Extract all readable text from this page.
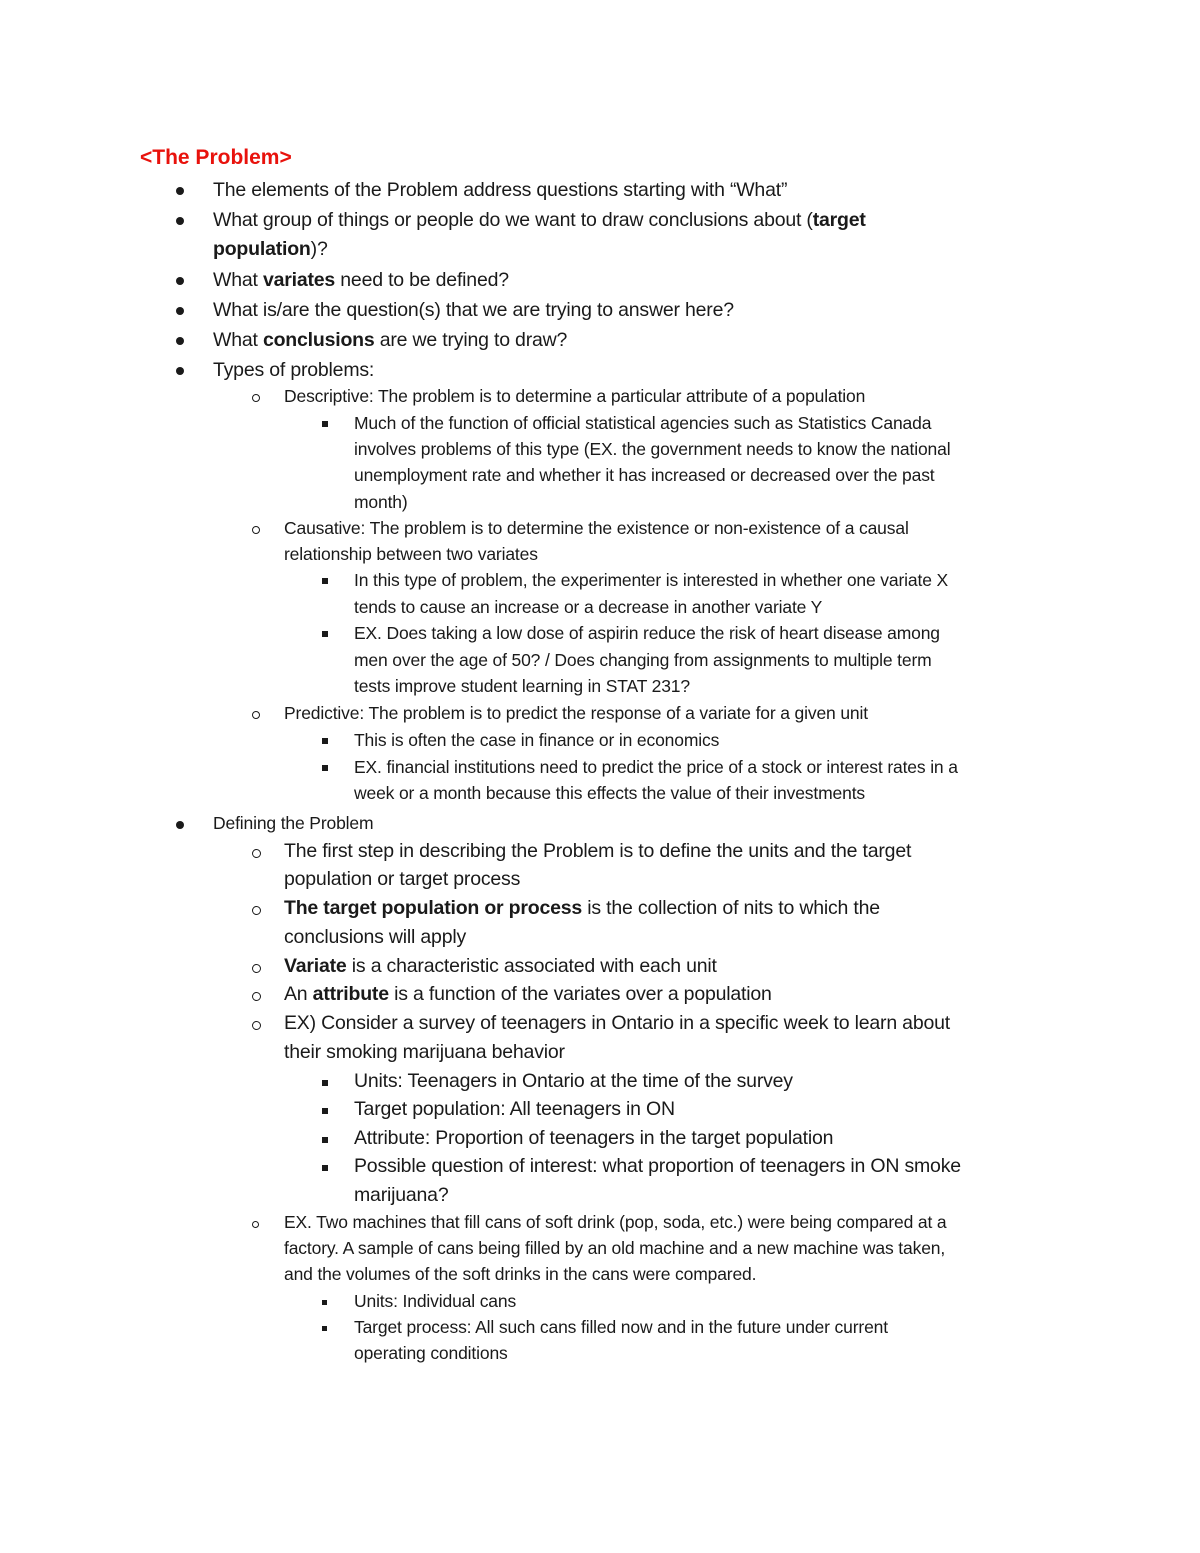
<The Problem>
The elements of the Problem address questions starting with “What”
What group of things or people do we want to draw conclusions about (target
population)?
What variates need to be defined?
What is/are the question(s) that we are trying to answer here?
What conclusions are we trying to draw?
Types of problems:
Descriptive: The problem is to determine a particular attribute of a population
Much of the function of official statistical agencies such as Statistics Canada
involves problems of this type (EX. the government needs to know the national
unemployment rate and whether it has increased or decreased over the past
month)
Causative: The problem is to determine the existence or non-existence of a causal
relationship between two variates
In this type of problem, the experimenter is interested in whether one variate X
tends to cause an increase or a decrease in another variate Y
EX. Does taking a low dose of aspirin reduce the risk of heart disease among
men over the age of 50? / Does changing from assignments to multiple term
tests improve student learning in STAT 231?
Predictive: The problem is to predict the response of a variate for a given unit
This is often the case in finance or in economics
EX. financial institutions need to predict the price of a stock or interest rates in a
week or a month because this effects the value of their investments
Defining the Problem
The first step in describing the Problem is to define the units and the target
population or target process
The target population or process is the collection of nits to which the
conclusions will apply
Variate is a characteristic associated with each unit
An attribute is a function of the variates over a population
EX) Consider a survey of teenagers in Ontario in a specific week to learn about
their smoking marijuana behavior
Units: Teenagers in Ontario at the time of the survey
Target population: All teenagers in ON
Attribute: Proportion of teenagers in the target population
Possible question of interest: what proportion of teenagers in ON smoke
marijuana?
EX. Two machines that fill cans of soft drink (pop, soda, etc.) were being compared at a
factory. A sample of cans being filled by an old machine and a new machine was taken,
and the volumes of the soft drinks in the cans were compared.
Units: Individual cans
Target process: All such cans filled now and in the future under current
operating conditions
